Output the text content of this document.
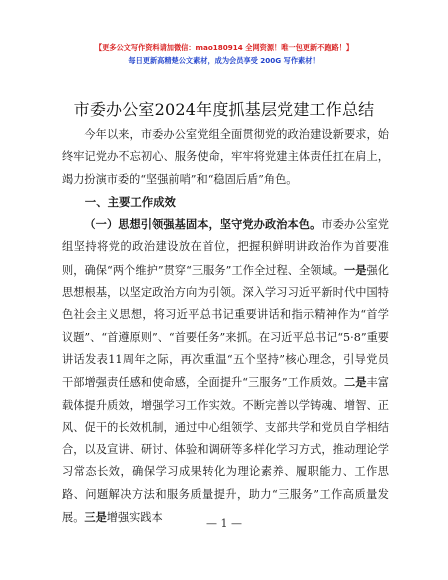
【更多公文写作资料请加微信：mao180914 全网资源！唯一包更新不跑路！】
每日更新高精楚公文素材，成为会员享受 200G 写作素材！
市委办公室2024年度抓基层党建工作总结

今年以来，市委办公室党组全面贯彻党的政治建设新要求，始终牢记党办不忘初心、服务使命，牢牢将党建主体责任扛在肩上，竭力扮演市委的“坚强前哨”和“稳固后盾”角色。

一、主要工作成效

（一）思想引领强基固本，坚守党办政治本色。市委办公室党组坚持将党的政治建设放在首位，把握积鲜明讲政治作为首要准则，确保“两个维护”贯穿“三服务”工作全过程、全领域。一是强化思想根基，以坚定政治方向为引领。深入学习习近平新时代中国特色社会主义思想，将习近平总书记重要讲话和指示精神作为“首学议题”、“首遵原则”、“首要任务”来抓。在习近平总书记“5·8”重要讲话发表11周年之际，再次重温“五个坚持”核心理念，引导党员干部增强责任感和使命感，全面提升“三服务”工作质效。二是丰富载体提升质效，增强学习工作实效。不断完善以学铸魂、增智、正风、促干的长效机制，通过中心组领学、支部共学和党员自学相结合，以及宣讲、研讨、体验和调研等多样化学习方式，推动理论学习常态长效，确保学习成果转化为理论素养、履职能力、工作思路、问题解决方法和服务质量提升，助力“三服务”工作高质量发展。三是增强实践本	— 1 —
